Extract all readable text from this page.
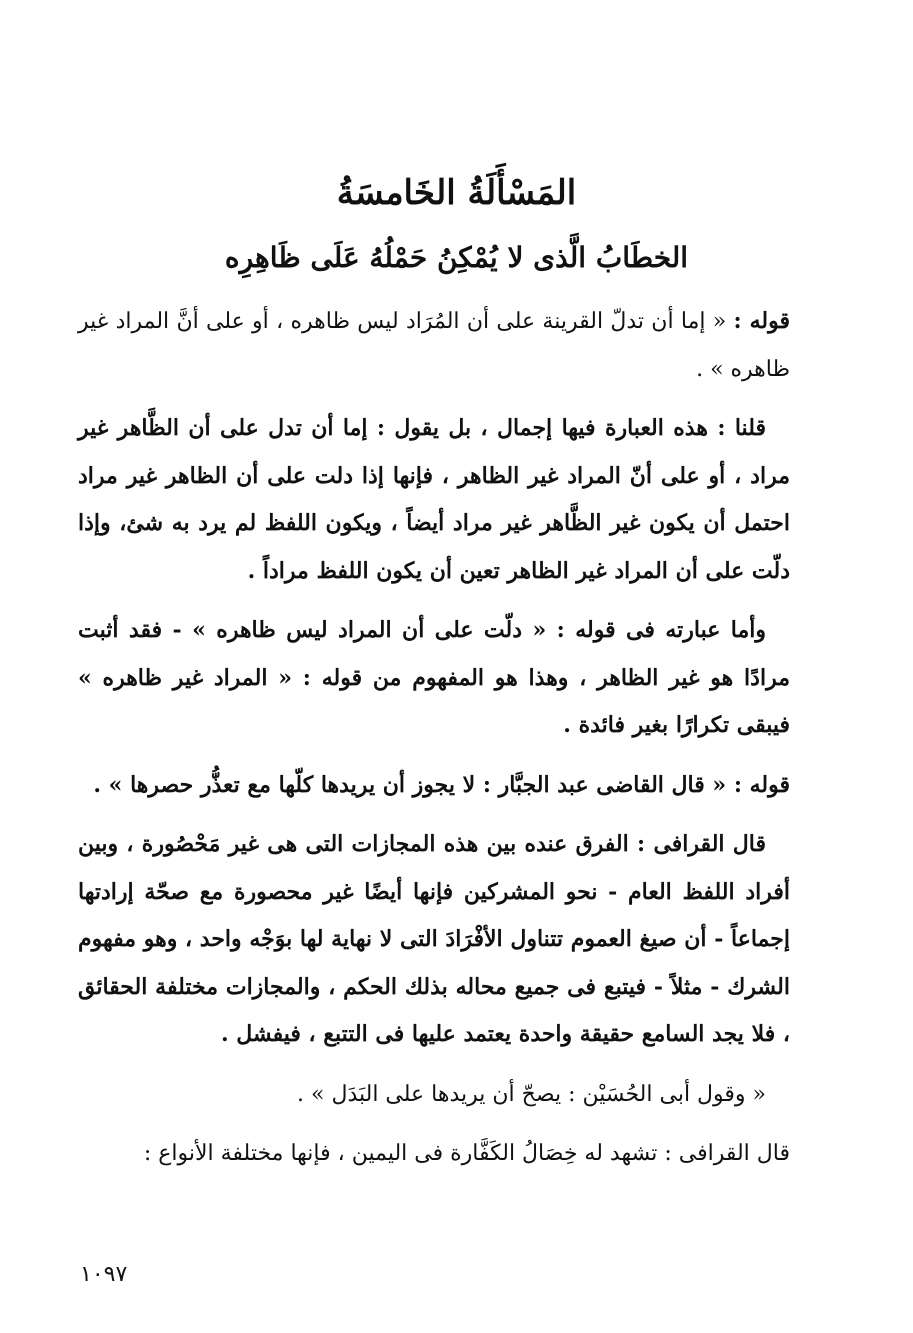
المَسْأَلَةُ الخَامسَةُ
الخطَابُ الَّذى لا يُمْكِنُ حَمْلُهُ عَلَى ظَاهِرِه

قوله : « إما أن تدلّ القرينة على أن المُرَاد ليس ظاهره ، أو على أنَّ المراد غير ظاهره » .

قلنا : هذه العبارة فيها إجمال ، بل يقول : إما أن تدل على أن الظَّاهر غير مراد ، أو على أنّ المراد غير الظاهر ، فإنها إذا دلت على أن الظاهر غير مراد احتمل أن يكون غير الظَّاهر غير مراد أيضاً ، ويكون اللفظ لم يرد به شئ، وإذا دلّت على أن المراد غير الظاهر تعين أن يكون اللفظ مراداً .

وأما عبارته فى قوله : « دلّت على أن المراد ليس ظاهره » - فقد أثبت مرادًا هو غير الظاهر ، وهذا هو المفهوم من قوله : « المراد غير ظاهره » فيبقى تكرارًا بغير فائدة .

قوله : « قال القاضى عبد الجبَّار : لا يجوز أن يريدها كلّها مع تعذُّر حصرها » .

قال القرافى : الفرق عنده بين هذه المجازات التى هى غير مَحْصُورة ، وبين أفراد اللفظ العام - نحو المشركين فإنها أيضًا غير محصورة مع صحّة إرادتها إجماعاً - أن صيغ العموم تتناول الأفْرَادَ التى لا نهاية لها بوَجْه واحد ، وهو مفهوم الشرك - مثلاً - فيتبع فى جميع محاله بذلك الحكم ، والمجازات مختلفة الحقائق ، فلا يجد السامع حقيقة واحدة يعتمد عليها فى التتبع ، فيفشل .

« وقول أبى الحُسَيْن : يصحّ أن يريدها على البَدَل » .

قال القرافى : تشهد له خِصَالُ الكَفَّارة فى اليمين ، فإنها مختلفة الأنواع :

١٠٩٧
